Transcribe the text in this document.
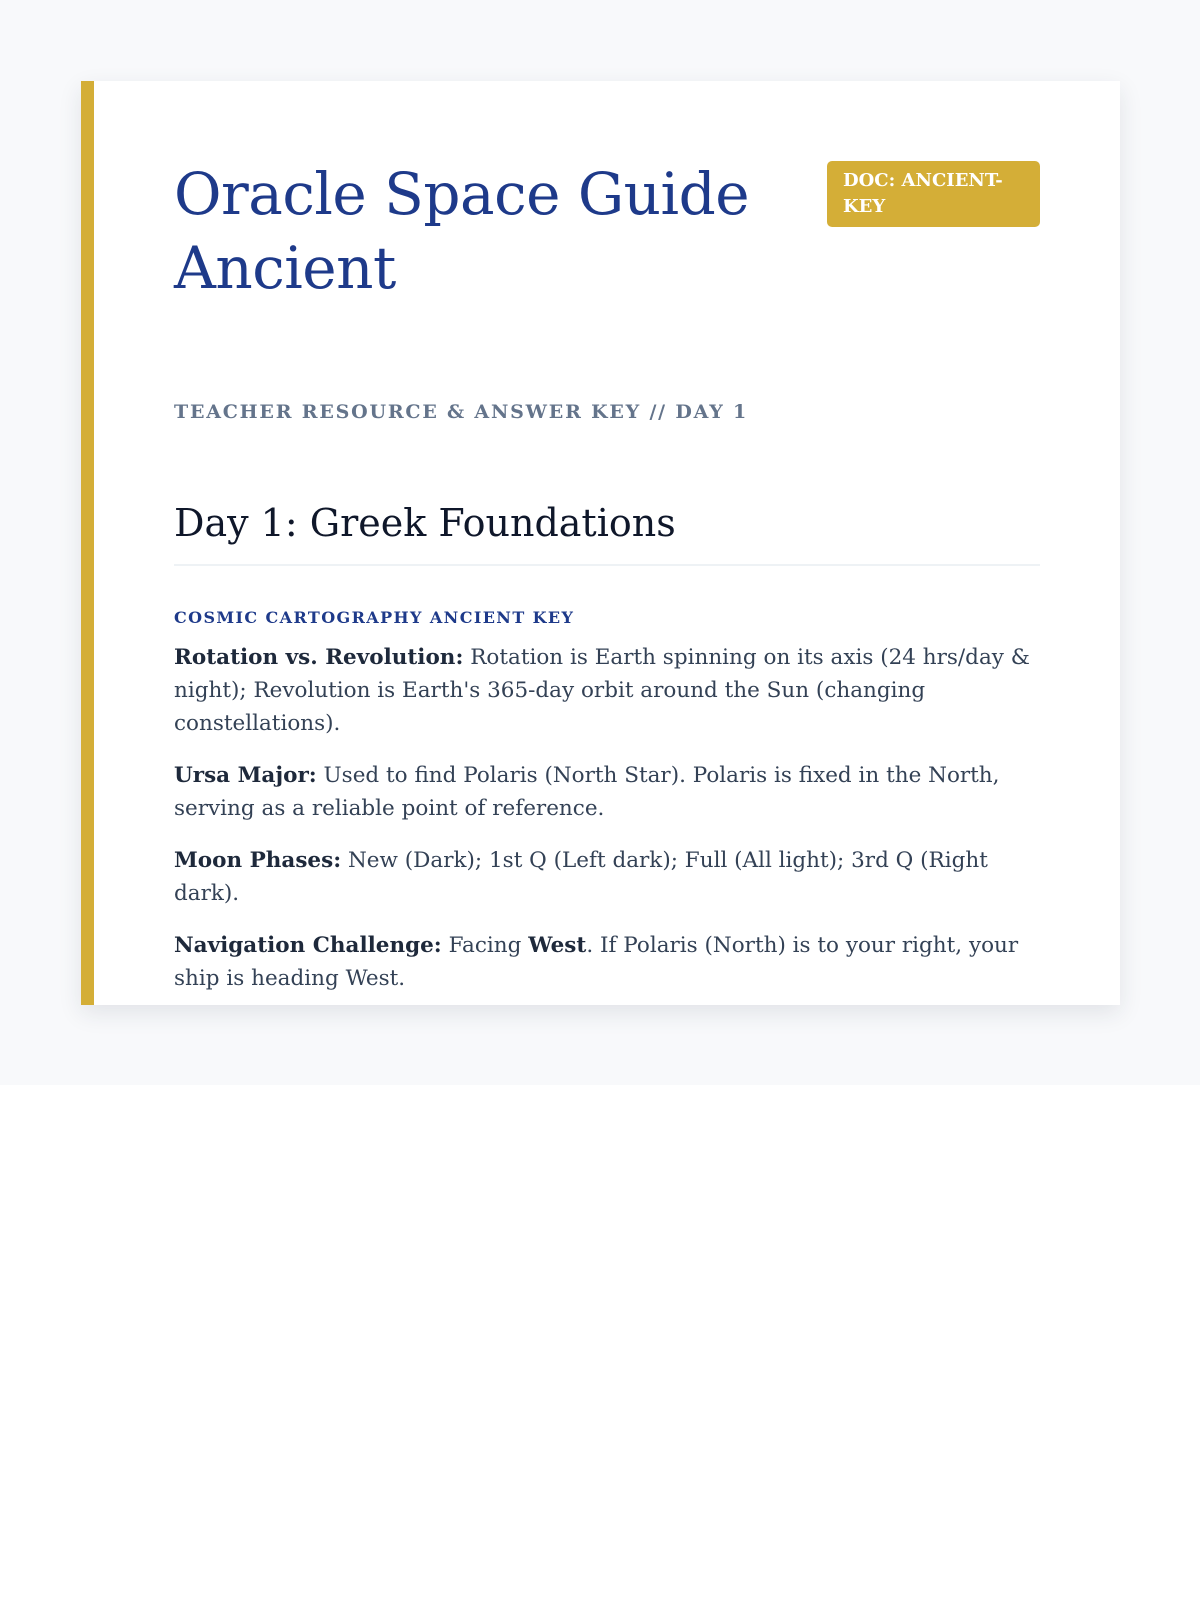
Oracle Space Guide Ancient
DOC: ANCIENT-KEY

TEACHER RESOURCE & ANSWER KEY // DAY 1

Day 1: Greek Foundations

COSMIC CARTOGRAPHY ANCIENT KEY

Rotation vs. Revolution: Rotation is Earth spinning on its axis (24 hrs/day & night); Revolution is Earth's 365-day orbit around the Sun (changing constellations).

Ursa Major: Used to find Polaris (North Star). Polaris is fixed in the North, serving as a reliable point of reference.

Moon Phases: New (Dark); 1st Q (Left dark); Full (All light); 3rd Q (Right dark).

Navigation Challenge: Facing West. If Polaris (North) is to your right, your ship is heading West.
